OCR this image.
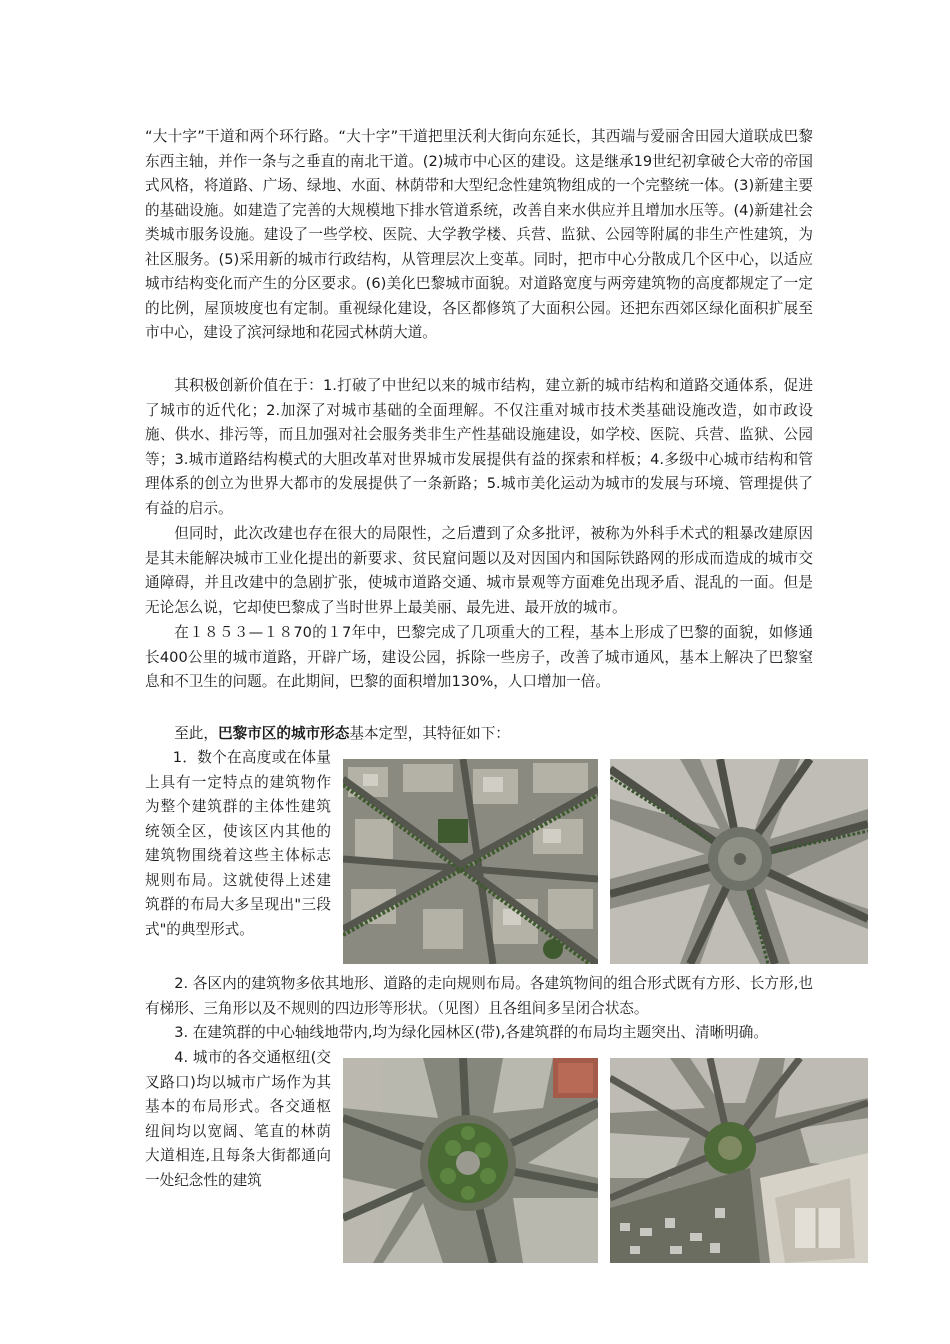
“大十字”干道和两个环行路。“大十字”干道把里沃利大街向东延长，其西端与爱丽舍田园大道联成巴黎东西主轴，并作一条与之垂直的南北干道。(2)城市中心区的建设。这是继承19世纪初拿破仑大帝的帝国式风格，将道路、广场、绿地、水面、林荫带和大型纪念性建筑物组成的一个完整统一体。(3)新建主要的基础设施。如建造了完善的大规模地下排水管道系统，改善自来水供应并且增加水压等。(4)新建社会类城市服务设施。建设了一些学校、医院、大学教学楼、兵营、监狱、公园等附属的非生产性建筑，为社区服务。(5)采用新的城市行政结构，从管理层次上变革。同时，把市中心分散成几个区中心，以适应城市结构变化而产生的分区要求。(6)美化巴黎城市面貌。对道路宽度与两旁建筑物的高度都规定了一定的比例，屋顶坡度也有定制。重视绿化建设，各区都修筑了大面积公园。还把东西郊区绿化面积扩展至市中心，建设了滨河绿地和花园式林荫大道。

其积极创新价值在于：1.打破了中世纪以来的城市结构，建立新的城市结构和道路交通体系，促进了城市的近代化；2.加深了对城市基础的全面理解。不仅注重对城市技术类基础设施改造，如市政设施、供水、排污等，而且加强对社会服务类非生产性基础设施建设，如学校、医院、兵营、监狱、公园等；3.城市道路结构模式的大胆改革对世界城市发展提供有益的探索和样板；4.多级中心城市结构和管理体系的创立为世界大都市的发展提供了一条新路；5.城市美化运动为城市的发展与环境、管理提供了有益的启示。

但同时，此次改建也存在很大的局限性，之后遭到了众多批评，被称为外科手术式的粗暴改建原因是其未能解决城市工业化提出的新要求、贫民窟问题以及对因国内和国际铁路网的形成而造成的城市交通障碍，并且改建中的急剧扩张，使城市道路交通、城市景观等方面难免出现矛盾、混乱的一面。但是无论怎么说，它却使巴黎成了当时世界上最美丽、最先进、最开放的城市。

在１８５３—１８70的１7年中，巴黎完成了几项重大的工程，基本上形成了巴黎的面貌，如修通长400公里的城市道路，开辟广场，建设公园，拆除一些房子，改善了城市通风，基本上解决了巴黎窒息和不卫生的问题。在此期间，巴黎的面积增加130%，人口增加一倍。

至此，巴黎市区的城市形态基本定型，其特征如下：

1．数个在高度或在体量上具有一定特点的建筑物作为整个建筑群的主体性建筑统领全区，使该区内其他的建筑物围绕着这些主体标志规则布局。这就使得上述建筑群的布局大多呈现出"三段式"的典型形式。

2. 各区内的建筑物多依其地形、道路的走向规则布局。各建筑物间的组合形式既有方形、长方形,也有梯形、三角形以及不规则的四边形等形状。（见图）且各组间多呈闭合状态。

3. 在建筑群的中心轴线地带内,均为绿化园林区(带),各建筑群的布局均主题突出、清晰明确。

4. 城市的各交通枢纽(交叉路口)均以城市广场作为其基本的布局形式。各交通枢纽间均以宽阔、笔直的林荫大道相连,且每条大街都通向一处纪念性的建筑
